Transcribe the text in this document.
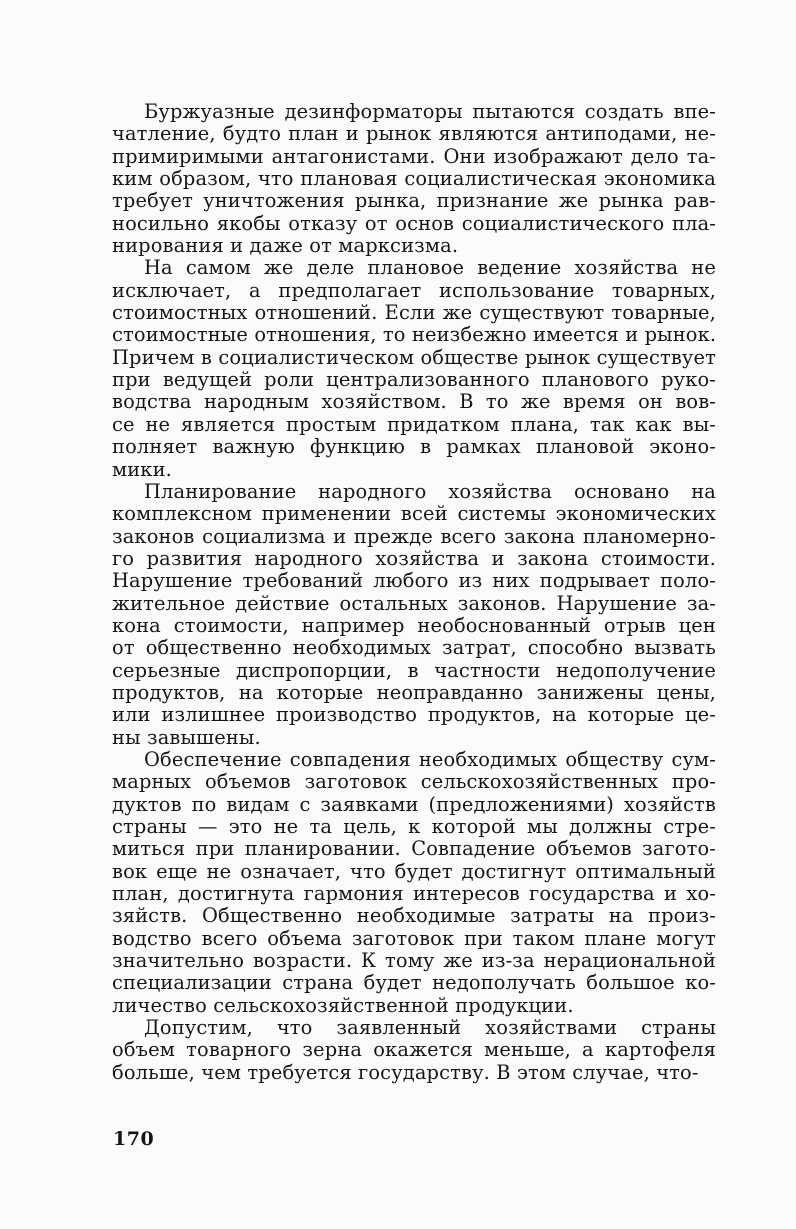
Буржуазные дезинформаторы пытаются создать впе-
чатление, будто план и рынок являются антиподами, не-
примиримыми антагонистами. Они изображают дело та-
ким образом, что плановая социалистическая экономика
требует уничтожения рынка, признание же рынка рав-
носильно якобы отказу от основ социалистического пла-
нирования и даже от марксизма.
На самом же деле плановое ведение хозяйства не
исключает, а предполагает использование товарных,
стоимостных отношений. Если же существуют товарные,
стоимостные отношения, то неизбежно имеется и рынок.
Причем в социалистическом обществе рынок существует
при ведущей роли централизованного планового руко-
водства народным хозяйством. В то же время он вов-
се не является простым придатком плана, так как вы-
полняет важную функцию в рамках плановой эконо-
мики.
Планирование народного хозяйства основано на
комплексном применении всей системы экономических
законов социализма и прежде всего закона планомерно-
го развития народного хозяйства и закона стоимости.
Нарушение требований любого из них подрывает поло-
жительное действие остальных законов. Нарушение за-
кона стоимости, например необоснованный отрыв цен
от общественно необходимых затрат, способно вызвать
серьезные диспропорции, в частности недополучение
продуктов, на которые неоправданно занижены цены,
или излишнее производство продуктов, на которые це-
ны завышены.
Обеспечение совпадения необходимых обществу сум-
марных объемов заготовок сельскохозяйственных про-
дуктов по видам с заявками (предложениями) хозяйств
страны — это не та цель, к которой мы должны стре-
миться при планировании. Совпадение объемов загото-
вок еще не означает, что будет достигнут оптимальный
план, достигнута гармония интересов государства и хо-
зяйств. Общественно необходимые затраты на произ-
водство всего объема заготовок при таком плане могут
значительно возрасти. К тому же из-за нерациональной
специализации страна будет недополучать большое ко-
личество сельскохозяйственной продукции.
Допустим, что заявленный хозяйствами страны
объем товарного зерна окажется меньше, а картофеля
больше, чем требуется государству. В этом случае, что-
170
